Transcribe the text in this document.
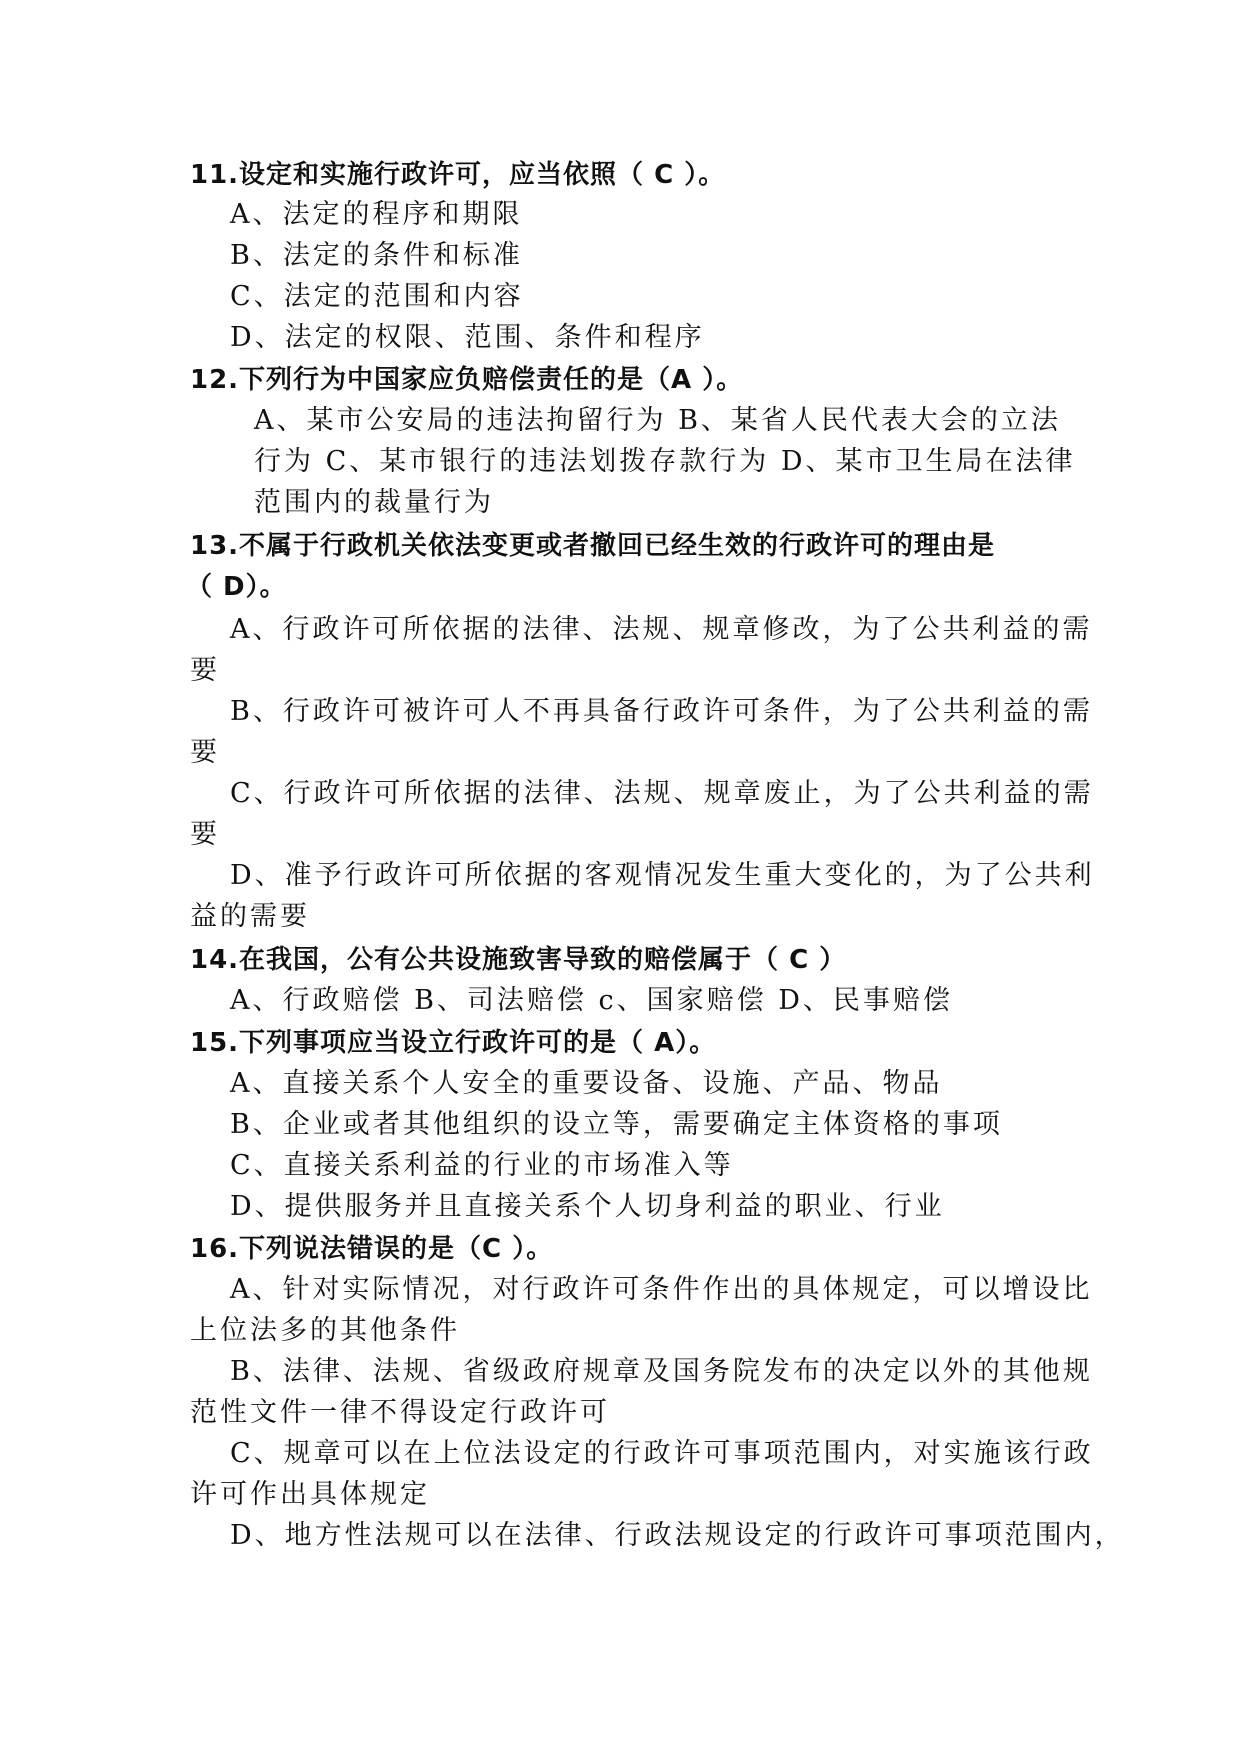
11.设定和实施行政许可，应当依照（ C ）。
A、法定的程序和期限
B、法定的条件和标准
C、法定的范围和内容
D、法定的权限、范围、条件和程序
12.下列行为中国家应负赔偿责任的是（A ）。
A、某市公安局的违法拘留行为 B、某省人民代表大会的立法
行为 C、某市银行的违法划拨存款行为 D、某市卫生局在法律
范围内的裁量行为
13.不属于行政机关依法变更或者撤回已经生效的行政许可的理由是
（ D）。
A、行政许可所依据的法律、法规、规章修改，为了公共利益的需
要
B、行政许可被许可人不再具备行政许可条件，为了公共利益的需
要
C、行政许可所依据的法律、法规、规章废止，为了公共利益的需
要
D、准予行政许可所依据的客观情况发生重大变化的，为了公共利
益的需要
14.在我国，公有公共设施致害导致的赔偿属于（ C ）
A、行政赔偿 B、司法赔偿 c、国家赔偿 D、民事赔偿
15.下列事项应当设立行政许可的是（ A）。
A、直接关系个人安全的重要设备、设施、产品、物品
B、企业或者其他组织的设立等，需要确定主体资格的事项
C、直接关系利益的行业的市场准入等
D、提供服务并且直接关系个人切身利益的职业、行业
16.下列说法错误的是（C ）。
A、针对实际情况，对行政许可条件作出的具体规定，可以增设比
上位法多的其他条件
B、法律、法规、省级政府规章及国务院发布的决定以外的其他规
范性文件一律不得设定行政许可
C、规章可以在上位法设定的行政许可事项范围内，对实施该行政
许可作出具体规定
D、地方性法规可以在法律、行政法规设定的行政许可事项范围内，
